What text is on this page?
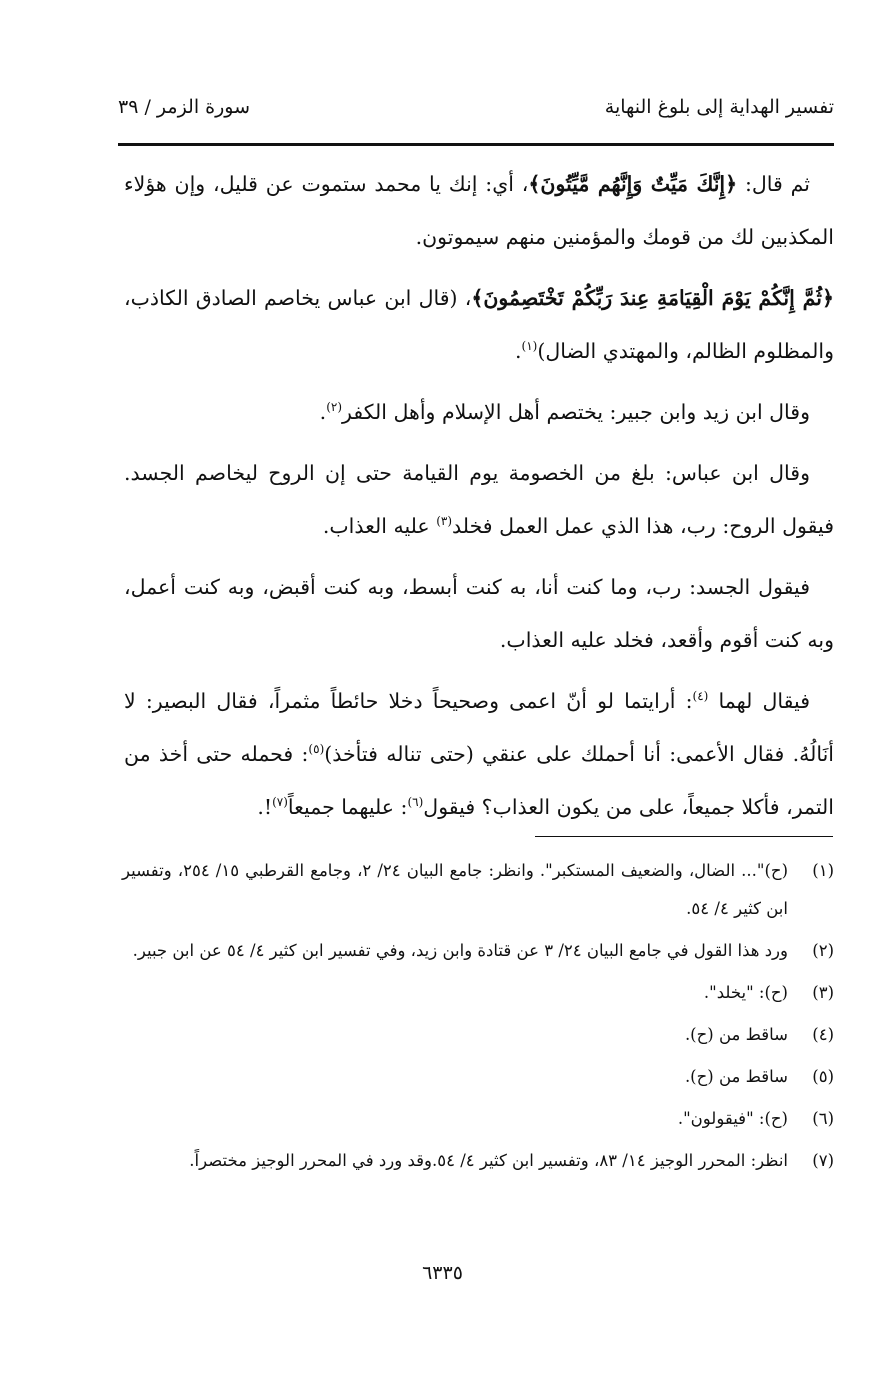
تفسير الهداية إلى بلوغ النهاية
سورة الزمر / ٣٩

ثم قال: ﴿إِنَّكَ مَيِّتٌ وَإِنَّهُم مَّيِّتُونَ﴾، أي: إنك يا محمد ستموت عن قليل، وإن هؤلاء المكذبين لك من قومك والمؤمنين منهم سيموتون.

﴿ثُمَّ إِنَّكُمْ يَوْمَ الْقِيَامَةِ عِندَ رَبِّكُمْ تَخْتَصِمُونَ﴾، (قال ابن عباس يخاصم الصادق الكاذب، والمظلوم الظالم، والمهتدي الضال)$^{(١)}$.

وقال ابن زيد وابن جبير: يختصم أهل الإسلام وأهل الكفر$^{(٢)}$.

وقال ابن عباس: بلغ من الخصومة يوم القيامة حتى إن الروح ليخاصم الجسد. فيقول الروح: رب، هذا الذي عمل العمل فخلد$^{(٣)}$ عليه العذاب.

فيقول الجسد: رب، وما كنت أنا، به كنت أبسط، وبه كنت أقبض، وبه كنت أعمل، وبه كنت أقوم وأقعد، فخلد عليه العذاب.

فيقال لهما $^{(٤)}$: أرايتما لو أنّ اعمى وصحيحاً دخلا حائطاً مثمراً، فقال البصير: لا أنَالُهُ. فقال الأعمى: أنا أحملك على عنقي (حتى تناله فتأخذ)$^{(٥)}$: فحمله حتى أخذ من التمر، فأكلا جميعاً، على من يكون العذاب؟ فيقول$^{(٦)}$: عليهما جميعاً$^{(٧)}$!.

(١)
(ح)"... الضال، والضعيف المستكبر". وانظر: جامع البيان ٢٤/ ٢، وجامع القرطبي ١٥/ ٢٥٤، وتفسير ابن كثير ٤/ ٥٤.
(٢)
ورد هذا القول في جامع البيان ٢٤/ ٣ عن قتادة وابن زيد، وفي تفسير ابن كثير ٤/ ٥٤ عن ابن جبير.
(٣)
(ح): "يخلد".
(٤)
ساقط من (ح).
(٥)
ساقط من (ح).
(٦)
(ح): "فيقولون".
(٧)
انظر: المحرر الوجيز ١٤/ ٨٣، وتفسير ابن كثير ٤/ ٥٤.وقد ورد في المحرر الوجيز مختصراً.
٦٣٣٥
